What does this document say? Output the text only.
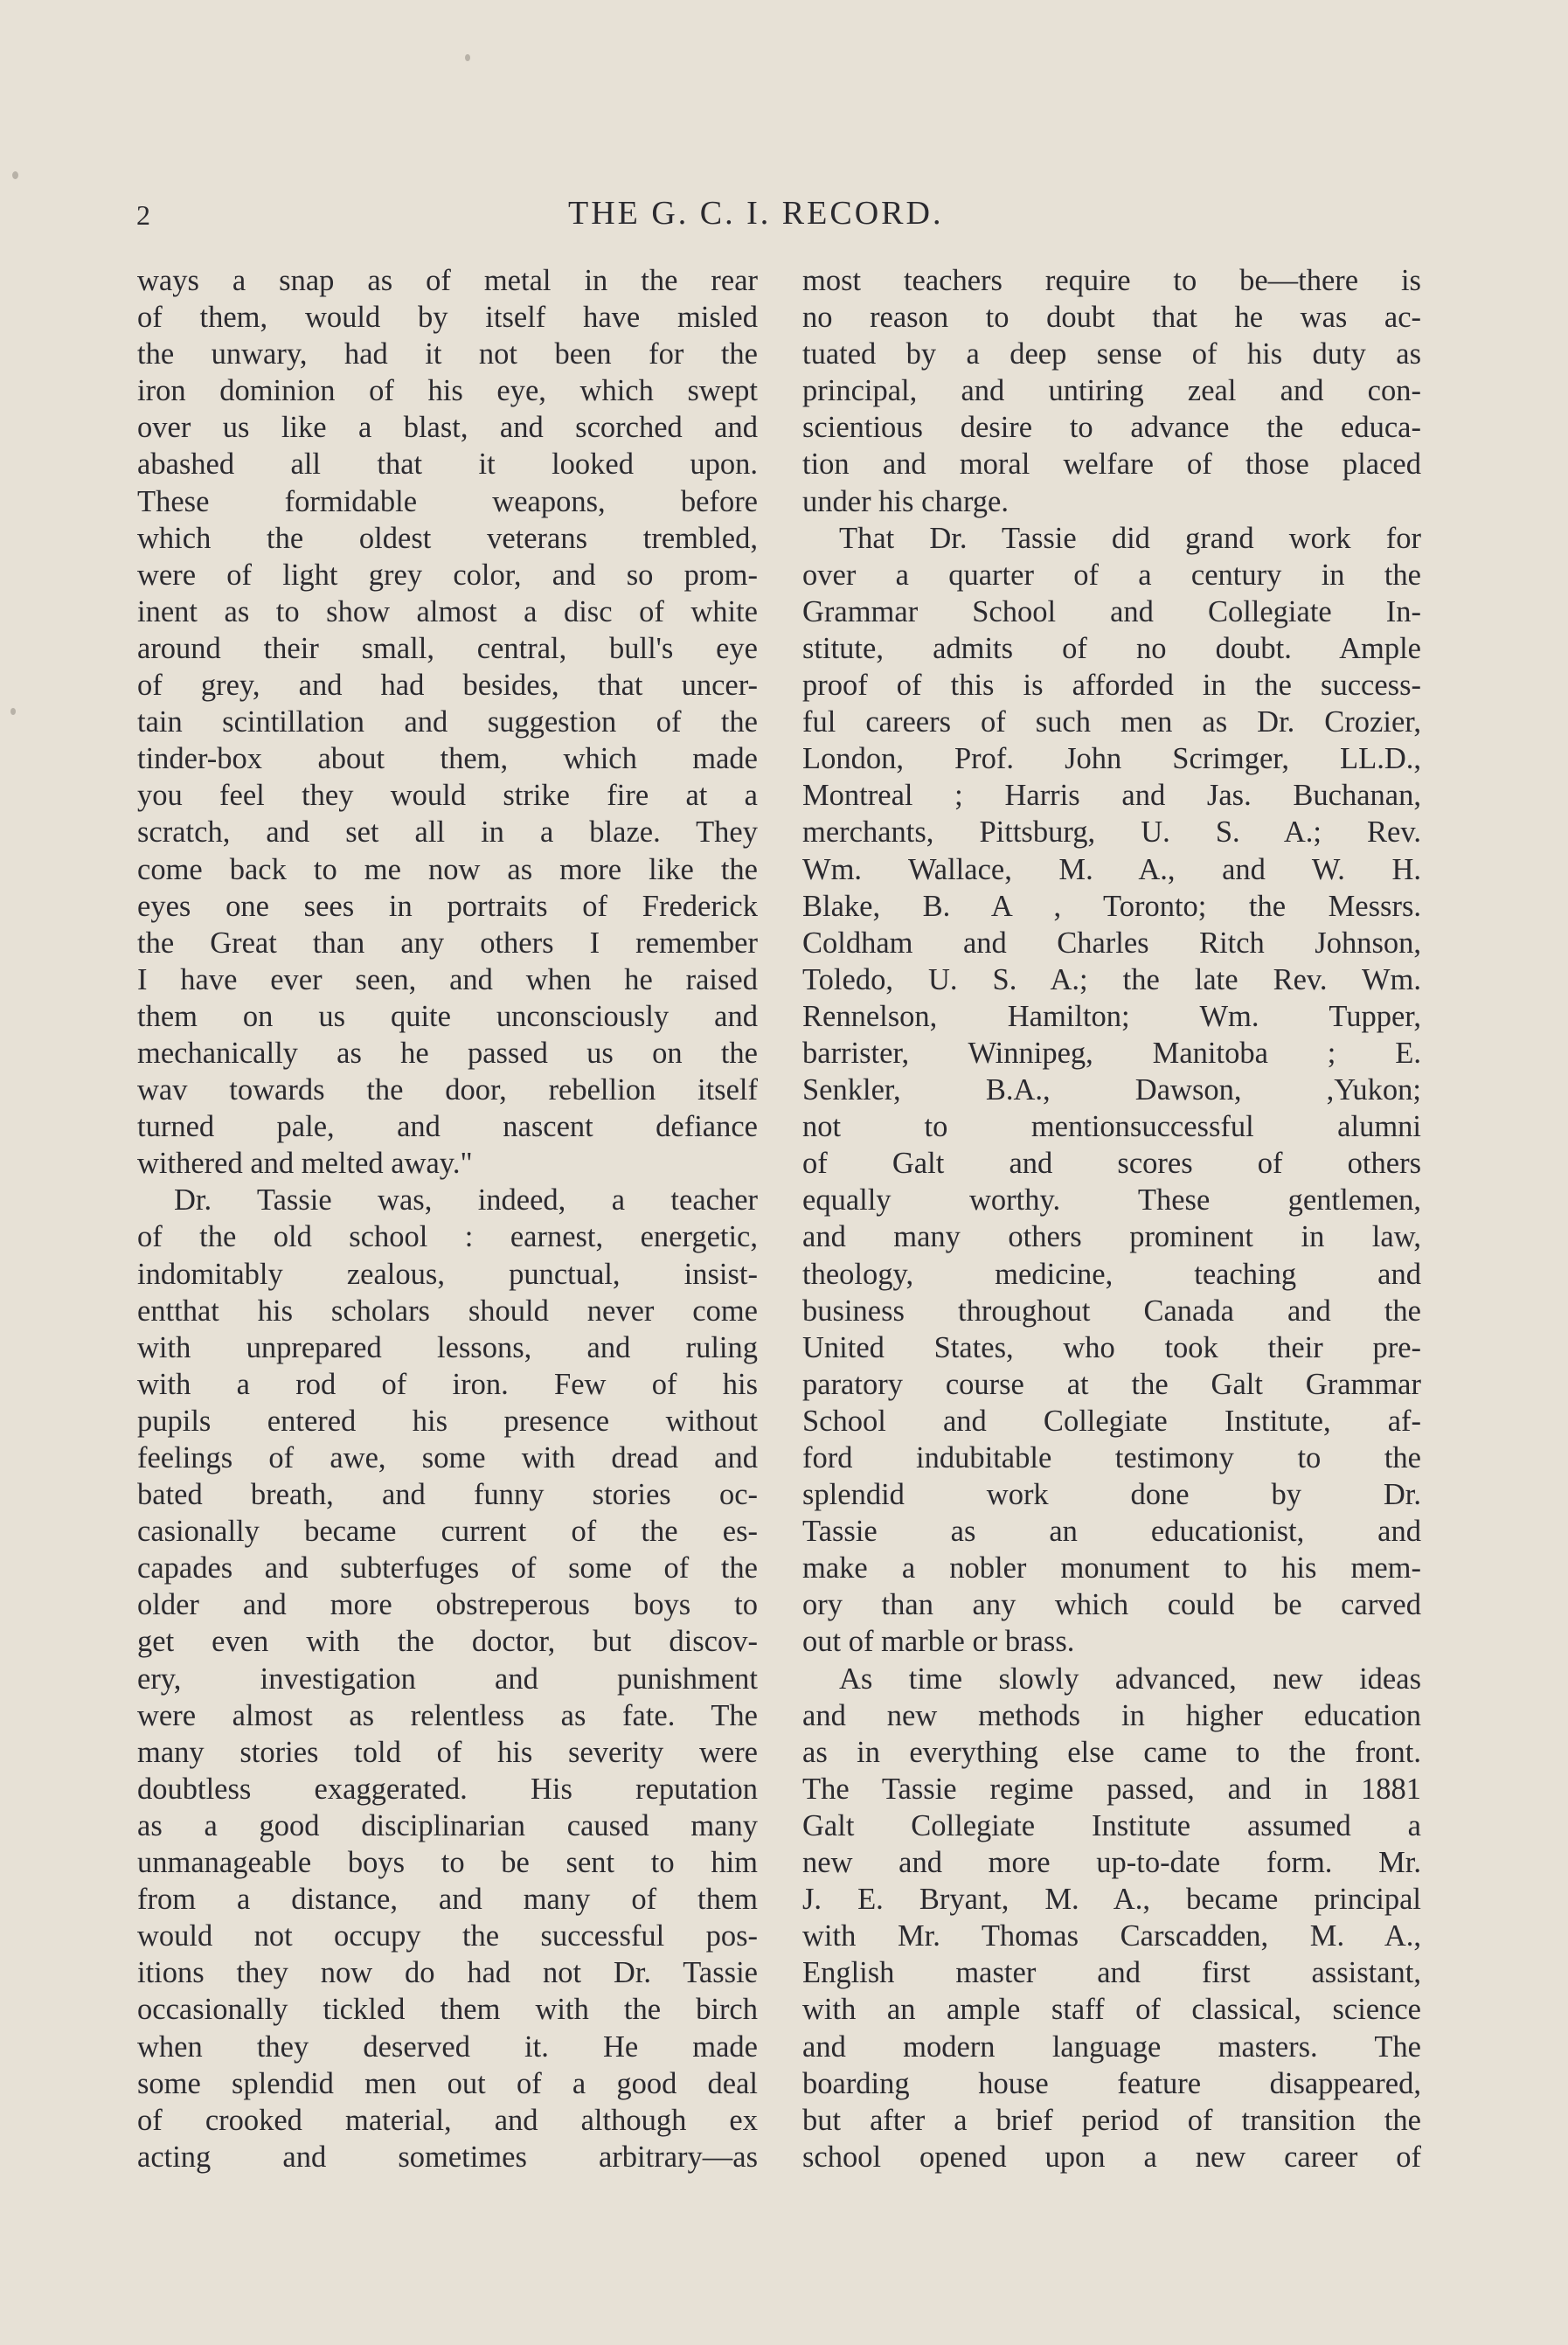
2	THE G. C. I. RECORD.
ways a snap as of metal in the rear
of them, would by itself have misled
the unwary, had it not been for the
iron dominion of his eye, which swept
over us like a blast, and scorched and
abashed all that it looked upon.
These formidable weapons, before
which the oldest veterans trembled,
were of light grey color, and so prom-
inent as to show almost a disc of white
around their small, central, bull's eye
of grey, and had besides, that uncer-
tain scintillation and suggestion of the
tinder-box about them, which made
you feel they would strike fire at a
scratch, and set all in a blaze. They
come back to me now as more like the
eyes one sees in portraits of Frederick
the Great than any others I remember
I have ever seen, and when he raised
them on us quite unconsciously and
mechanically as he passed us on the
wav towards the door, rebellion itself
turned pale, and nascent defiance
withered and melted away."
Dr. Tassie was, indeed, a teacher
of the old school : earnest, energetic,
indomitably zealous, punctual, insist-
entthat his scholars should never come
with unprepared lessons, and ruling
with a rod of iron. Few of his
pupils entered his presence without
feelings of awe, some with dread and
bated breath, and funny stories oc-
casionally became current of the es-
capades and subterfuges of some of the
older and more obstreperous boys to
get even with the doctor, but discov-
ery, investigation and punishment
were almost as relentless as fate. The
many stories told of his severity were
doubtless exaggerated. His reputation
as a good disciplinarian caused many
unmanageable boys to be sent to him
from a distance, and many of them
would not occupy the successful pos-
itions they now do had not Dr. Tassie
occasionally tickled them with the birch
when they deserved it. He made
some splendid men out of a good deal
of crooked material, and although ex
acting and sometimes arbitrary—as
most teachers require to be—there is
no reason to doubt that he was ac-
tuated by a deep sense of his duty as
principal, and untiring zeal and con-
scientious desire to advance the educa-
tion and moral welfare of those placed
under his charge.
That Dr. Tassie did grand work for
over a quarter of a century in the
Grammar School and Collegiate In-
stitute, admits of no doubt. Ample
proof of this is afforded in the success-
ful careers of such men as Dr. Crozier,
London, Prof. John Scrimger, LL.D.,
Montreal ; Harris and Jas. Buchanan,
merchants, Pittsburg, U. S. A.; Rev.
Wm. Wallace, M. A., and W. H.
Blake, B. A , Toronto; the Messrs.
Coldham and Charles Ritch Johnson,
Toledo, U. S. A.; the late Rev. Wm.
Rennelson, Hamilton; Wm. Tupper,
barrister, Winnipeg, Manitoba ; E.
Senkler, B.A., Dawson, ,Yukon;
not to mentionsuccessful alumni
of Galt and scores of others
equally worthy. These gentlemen,
and many others prominent in law,
theology, medicine, teaching and
business throughout Canada and the
United States, who took their pre-
paratory course at the Galt Grammar
School and Collegiate Institute, af-
ford indubitable testimony to the
splendid work done by Dr.
Tassie as an educationist, and
make a nobler monument to his mem-
ory than any which could be carved
out of marble or brass.
As time slowly advanced, new ideas
and new methods in higher education
as in everything else came to the front.
The Tassie regime passed, and in 1881
Galt Collegiate Institute assumed a
new and more up-to-date form. Mr.
J. E. Bryant, M. A., became principal
with Mr. Thomas Carscadden, M. A.,
English master and first assistant,
with an ample staff of classical, science
and modern language masters. The
boarding house feature disappeared,
but after a brief period of transition the
school opened upon a new career of
